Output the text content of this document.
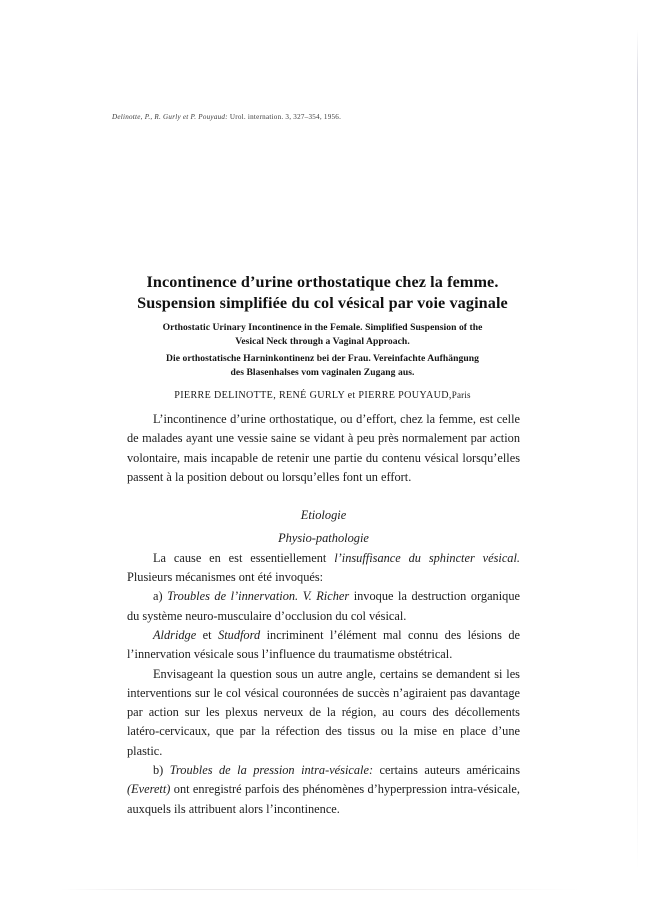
Delinotte, P., R. Gurly et P. Pouyaud: Urol. internation. 3, 327–354, 1956.
Incontinence d’urine orthostatique chez la femme.
Suspension simplifiée du col vésical par voie vaginale
Orthostatic Urinary Incontinence in the Female. Simplified Suspension of the
Vesical Neck through a Vaginal Approach.
Die orthostatische Harninkontinenz bei der Frau. Vereinfachte Aufhängung
des Blasenhalses vom vaginalen Zugang aus.
PIERRE DELINOTTE, RENÉ GURLY et PIERRE POUYAUD,Paris

L’incontinence d’urine orthostatique, ou d’effort, chez la femme, est celle de malades ayant une vessie saine se vidant à peu près normalement par action volontaire, mais incapable de retenir une partie du contenu vésical lorsqu’elles passent à la position debout ou lorsqu’elles font un effort.

Etiologie

Physio-pathologie

La cause en est essentiellement l’insuffisance du sphincter vésical. Plusieurs mécanismes ont été invoqués:

a) Troubles de l’innervation. V. Richer invoque la destruction organique du système neuro-musculaire d’occlusion du col vésical.

Aldridge et Studford incriminent l’élément mal connu des lésions de l’innervation vésicale sous l’influence du traumatisme obstétrical.

Envisageant la question sous un autre angle, certains se demandent si les interventions sur le col vésical couronnées de succès n’agiraient pas davantage par action sur les plexus nerveux de la région, au cours des décollements latéro-cervicaux, que par la réfection des tissus ou la mise en place d’une plastic.

b) Troubles de la pression intra-vésicale: certains auteurs américains (Everett) ont enregistré parfois des phénomènes d’hyperpression intra-vésicale, auxquels ils attribuent alors l’incontinence.
